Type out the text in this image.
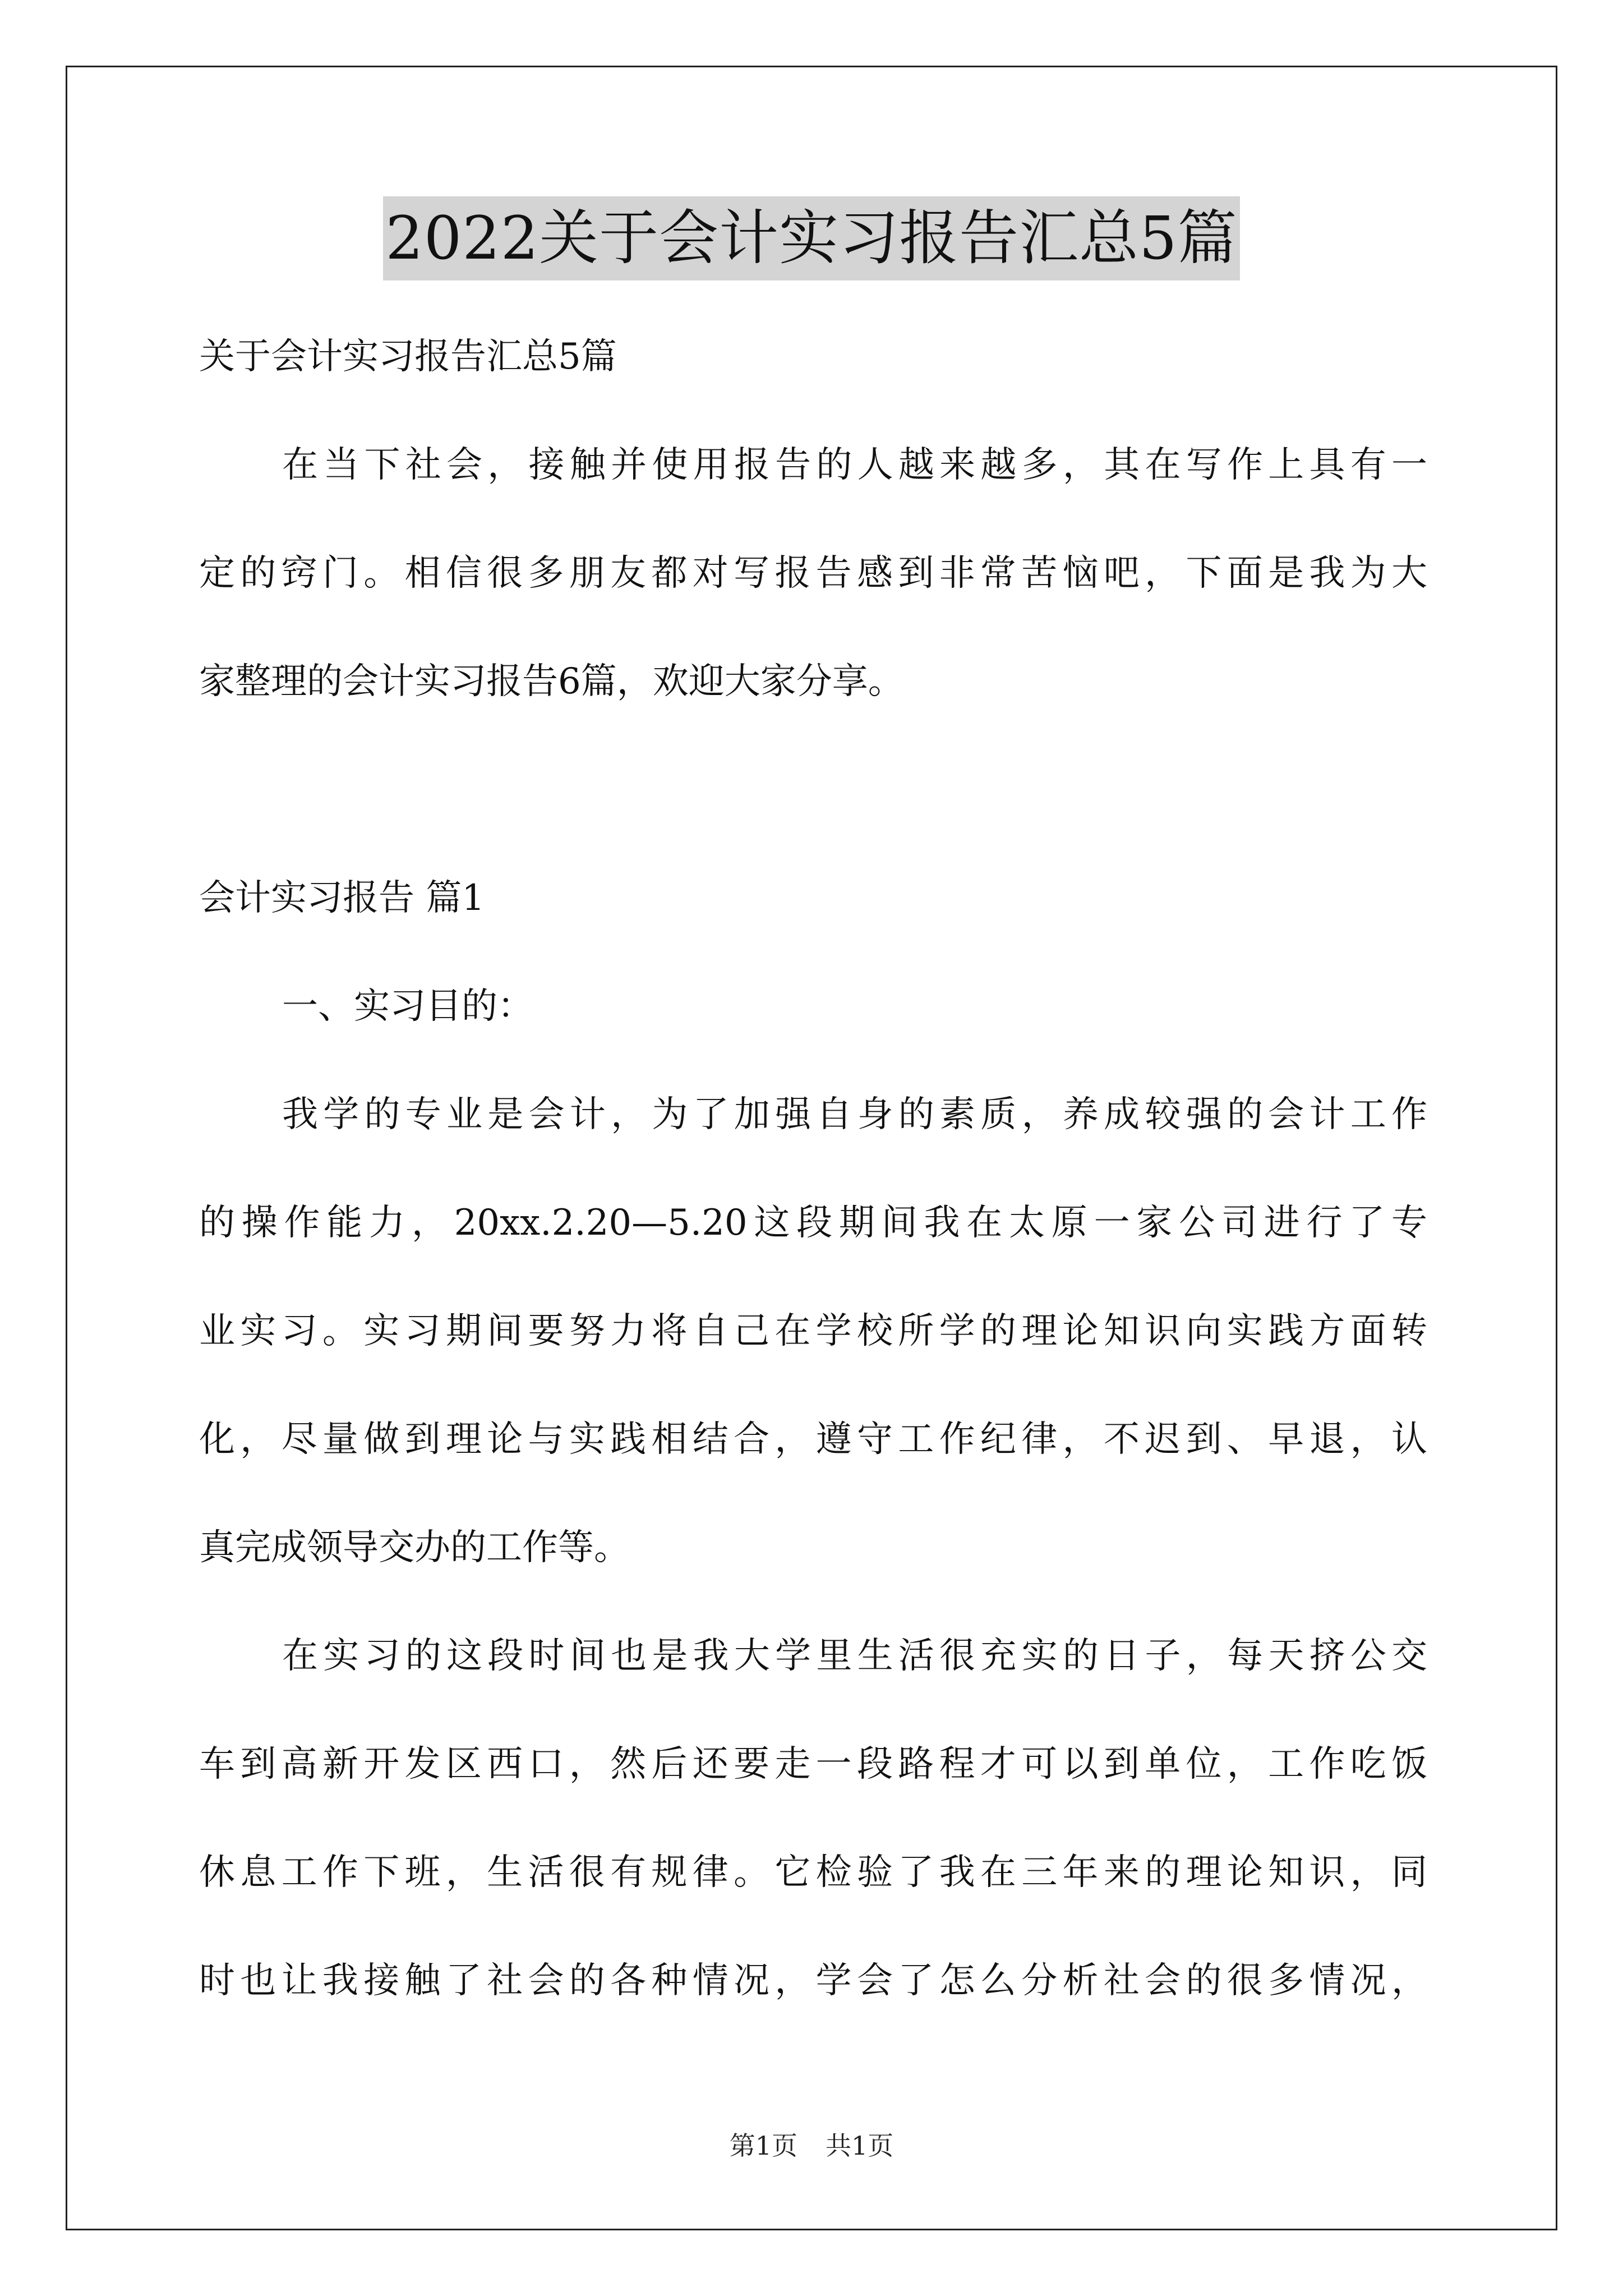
2022关于会计实习报告汇总5篇
关于会计实习报告汇总5篇
在当下社会，接触并使用报告的人越来越多，其在写作上具有一
定的窍门。相信很多朋友都对写报告感到非常苦恼吧，下面是我为大
家整理的会计实习报告6篇，欢迎大家分享。
会计实习报告 篇1
一、实习目的：
我学的专业是会计，为了加强自身的素质，养成较强的会计工作
的操作能力，20xx.2.20—5.20这段期间我在太原一家公司进行了专
业实习。实习期间要努力将自己在学校所学的理论知识向实践方面转
化，尽量做到理论与实践相结合，遵守工作纪律，不迟到、早退，认
真完成领导交办的工作等。
在实习的这段时间也是我大学里生活很充实的日子，每天挤公交
车到高新开发区西口，然后还要走一段路程才可以到单位，工作吃饭
休息工作下班，生活很有规律。它检验了我在三年来的理论知识，同
时也让我接触了社会的各种情况，学会了怎么分析社会的很多情况，
第1页 共1页
